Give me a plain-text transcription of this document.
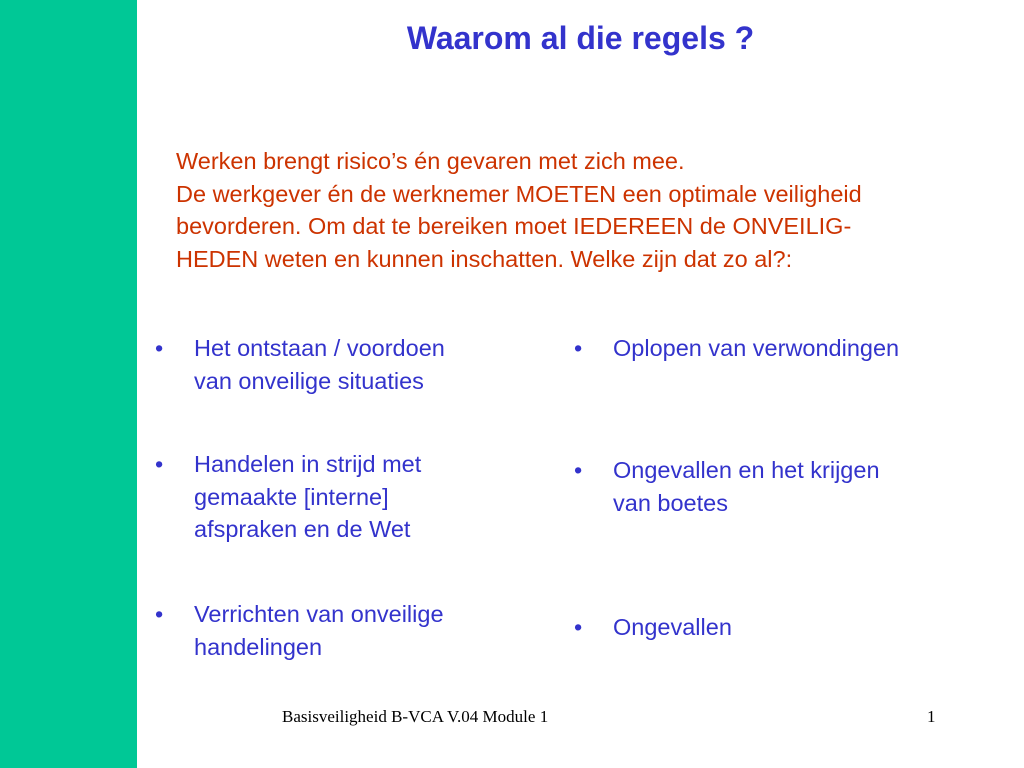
Waarom al die regels ?

Werken brengt risico’s én gevaren met zich mee.
De werkgever én de werknemer MOETEN een optimale veiligheid
bevorderen. Om dat te bereiken moet IEDEREEN de ONVEILIG-
HEDEN weten en kunnen inschatten. Welke zijn dat zo al?:

• Het ontstaan / voordoen
van onveilige situaties
• Handelen in strijd met
gemaakte [interne]
afspraken en de Wet
• Verrichten van onveilige
handelingen
• Oplopen van verwondingen
• Ongevallen en het krijgen
van boetes
• Ongevallen
Basisveiligheid B-VCA V.04 Module 1	1
